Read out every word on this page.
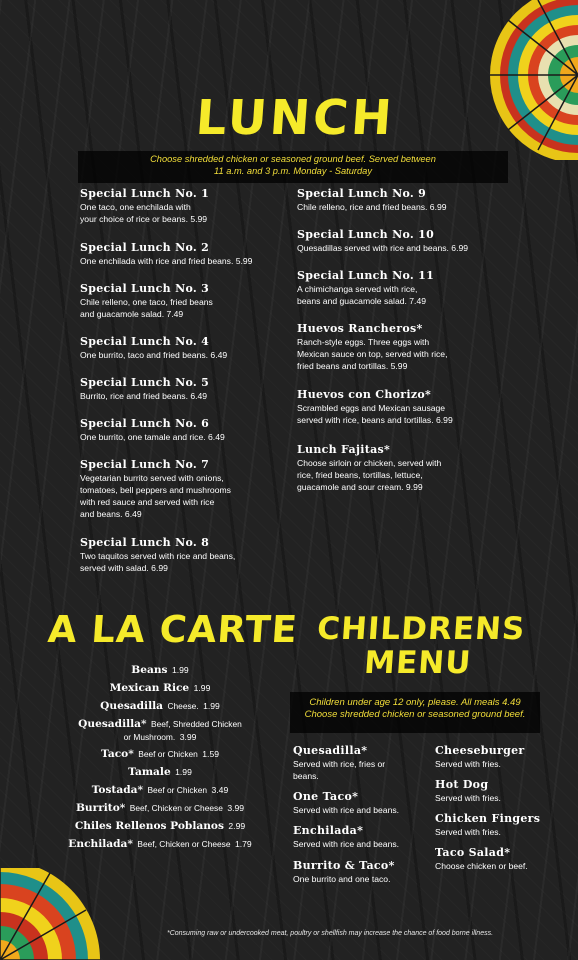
LUNCH
Choose shredded chicken or seasoned ground beef. Served between
11 a.m. and 3 p.m. Monday - Saturday
Special Lunch No. 1
One taco, one enchilada with
your choice of rice or beans. 5.99
Special Lunch No. 2
One enchilada with rice and fried beans. 5.99
Special Lunch No. 3
Chile relleno, one taco, fried beans
and guacamole salad. 7.49
Special Lunch No. 4
One burrito, taco and fried beans. 6.49
Special Lunch No. 5
Burrito, rice and fried beans. 6.49
Special Lunch No. 6
One burrito, one tamale and rice. 6.49
Special Lunch No. 7
Vegetarian burrito served with onions,
tomatoes, bell peppers and mushrooms
with red sauce and served with rice
and beans. 6.49
Special Lunch No. 8
Two taquitos served with rice and beans,
served with salad. 6.99
Special Lunch No. 9
Chile relleno, rice and fried beans. 6.99
Special Lunch No. 10
Quesadillas served with rice and beans. 6.99
Special Lunch No. 11
A chimichanga served with rice,
beans and guacamole salad. 7.49
Huevos Rancheros*
Ranch-style eggs. Three eggs with
Mexican sauce on top, served with rice,
fried beans and tortillas. 5.99
Huevos con Chorizo*
Scrambled eggs and Mexican sausage
served with rice, beans and tortillas. 6.99
Lunch Fajitas*
Choose sirloin or chicken, served with
rice, fried beans, tortillas, lettuce,
guacamole and sour cream. 9.99
A LA CARTE
Beans 1.99
Mexican Rice 1.99
Quesadilla Cheese. 1.99
Quesadilla* Beef, Shredded Chicken
or Mushroom. 3.99
Taco* Beef or Chicken 1.59
Tamale 1.99
Tostada* Beef or Chicken 3.49
Burrito* Beef, Chicken or Cheese 3.99
Chiles Rellenos Poblanos 2.99
Enchilada* Beef, Chicken or Cheese 1.79
CHILDRENS
MENU
Children under age 12 only, please. All meals 4.49
Choose shredded chicken or seasoned ground beef.
Quesadilla*
Served with rice, fries or
beans.
One Taco*
Served with rice and beans.
Enchilada*
Served with rice and beans.
Burrito & Taco*
One burrito and one taco.
Cheeseburger
Served with fries.
Hot Dog
Served with fries.
Chicken Fingers
Served with fries.
Taco Salad*
Choose chicken or beef.
*Consuming raw or undercooked meat, poultry or shellfish may increase the chance of food borne illness.
